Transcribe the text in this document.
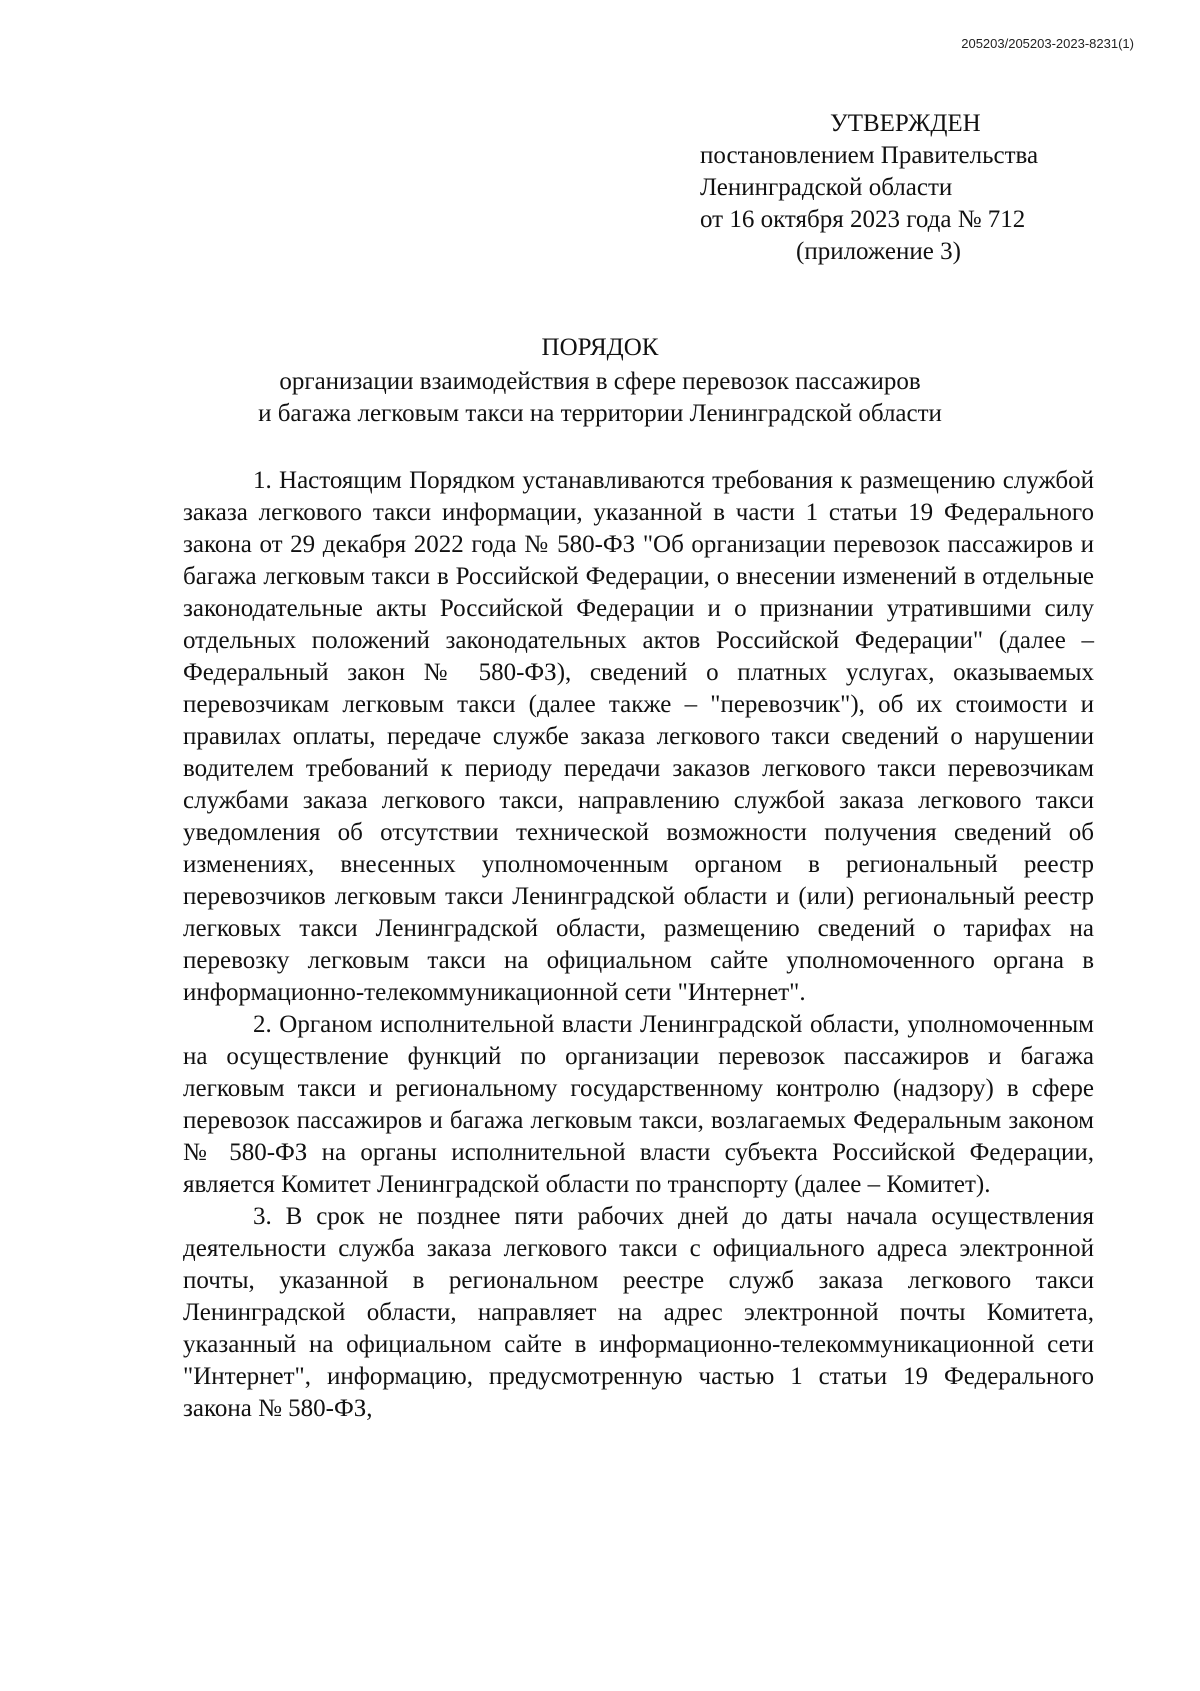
205203/205203-2023-8231(1)
УТВЕРЖДЕН
постановлением Правительства
Ленинградской области
от 16 октября 2023 года № 712
(приложение 3)
ПОРЯДОК
организации взаимодействия в сфере перевозок пассажиров
и багажа легковым такси на территории Ленинградской области

1. Настоящим Порядком устанавливаются требования к размещению службой заказа легкового такси информации, указанной в части 1 статьи 19 Федерального закона от 29 декабря 2022 года № 580-ФЗ "Об организации перевозок пассажиров и багажа легковым такси в Российской Федерации, о внесении изменений в отдельные законодательные акты Российской Федерации и о признании утратившими силу отдельных положений законодательных актов Российской Федерации" (далее – Федеральный закон № 580-ФЗ), сведений о платных услугах, оказываемых перевозчикам легковым такси (далее также – "перевозчик"), об их стоимости и правилах оплаты, передаче службе заказа легкового такси сведений о нарушении водителем требований к периоду передачи заказов легкового такси перевозчикам службами заказа легкового такси, направлению службой заказа легкового такси уведомления об отсутствии технической возможности получения сведений об изменениях, внесенных уполномоченным органом в региональный реестр перевозчиков легковым такси Ленинградской области и (или) региональный реестр легковых такси Ленинградской области, размещению сведений о тарифах на перевозку легковым такси на официальном сайте уполномоченного органа в информационно-телекоммуникационной сети "Интернет".

2. Органом исполнительной власти Ленинградской области, уполномоченным на осуществление функций по организации перевозок пассажиров и багажа легковым такси и региональному государственному контролю (надзору) в сфере перевозок пассажиров и багажа легковым такси, возлагаемых Федеральным законом № 580-ФЗ на органы исполнительной власти субъекта Российской Федерации, является Комитет Ленинградской области по транспорту (далее – Комитет).

3. В срок не позднее пяти рабочих дней до даты начала осуществления деятельности служба заказа легкового такси с официального адреса электронной почты, указанной в региональном реестре служб заказа легкового такси Ленинградской области, направляет на адрес электронной почты Комитета, указанный на официальном сайте в информационно-телекоммуникационной сети "Интернет", информацию, предусмотренную частью 1 статьи 19 Федерального закона № 580-ФЗ,
